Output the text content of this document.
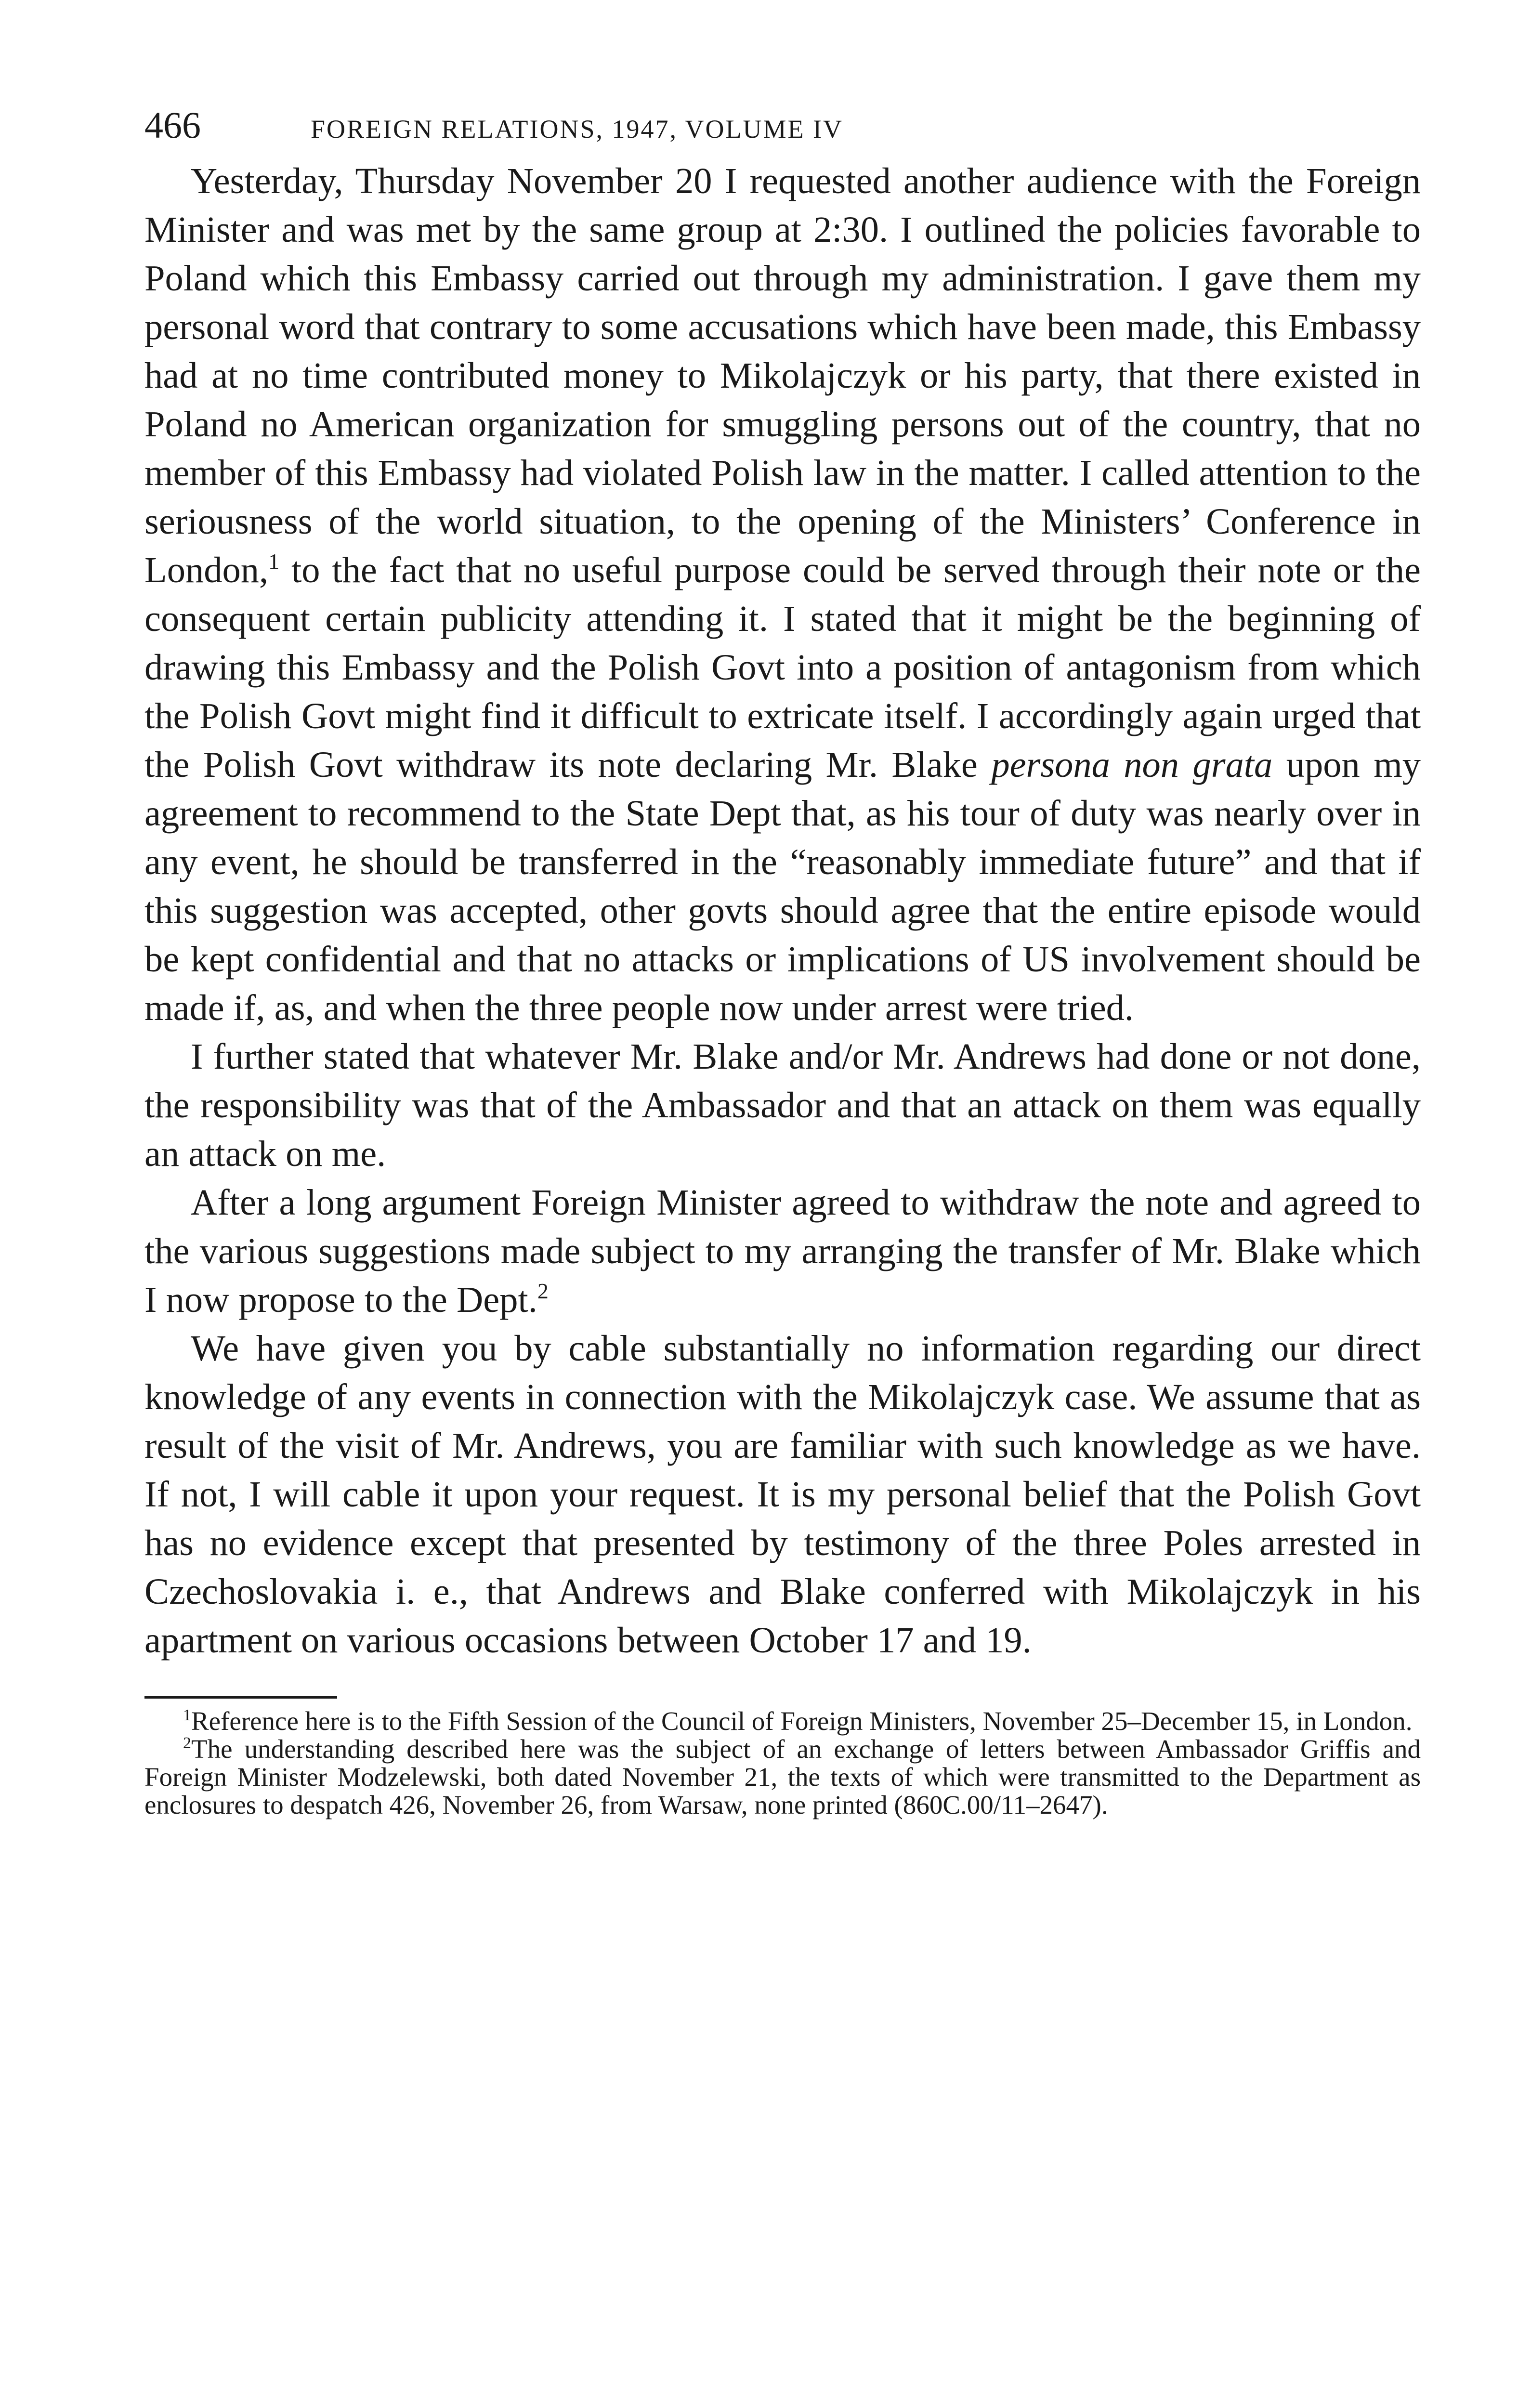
466	FOREIGN RELATIONS, 1947, VOLUME IV

Yesterday, Thursday November 20 I requested another audience with the Foreign Minister and was met by the same group at 2:30. I outlined the policies favorable to Poland which this Embassy carried out through my administration. I gave them my personal word that contrary to some accusations which have been made, this Embassy had at no time contributed money to Mikolajczyk or his party, that there existed in Poland no American organization for smuggling persons out of the country, that no member of this Embassy had violated Polish law in the matter. I called attention to the seriousness of the world situation, to the opening of the Ministers’ Conference in London,$^1$ to the fact that no useful purpose could be served through their note or the consequent certain publicity attending it. I stated that it might be the beginning of drawing this Embassy and the Polish Govt into a position of antagonism from which the Polish Govt might find it difficult to extricate itself. I accordingly again urged that the Polish Govt withdraw its note declaring Mr. Blake persona non grata upon my agreement to recommend to the State Dept that, as his tour of duty was nearly over in any event, he should be transferred in the “reasonably immediate future” and that if this suggestion was accepted, other govts should agree that the entire episode would be kept confidential and that no attacks or implications of US involvement should be made if, as, and when the three people now under arrest were tried.

I further stated that whatever Mr. Blake and/or Mr. Andrews had done or not done, the responsibility was that of the Ambassador and that an attack on them was equally an attack on me.

After a long argument Foreign Minister agreed to withdraw the note and agreed to the various suggestions made subject to my arranging the transfer of Mr. Blake which I now propose to the Dept.$^2$

We have given you by cable substantially no information regarding our direct knowledge of any events in connection with the Mikolajczyk case. We assume that as result of the visit of Mr. Andrews, you are familiar with such knowledge as we have. If not, I will cable it upon your request. It is my personal belief that the Polish Govt has no evidence except that presented by testimony of the three Poles arrested in Czechoslovakia i. e., that Andrews and Blake conferred with Mikolajczyk in his apartment on various occasions between October 17 and 19.

$^1$Reference here is to the Fifth Session of the Council of Foreign Ministers, November 25–December 15, in London.

$^2$The understanding described here was the subject of an exchange of letters between Ambassador Griffis and Foreign Minister Modzelewski, both dated November 21, the texts of which were transmitted to the Department as enclosures to despatch 426, November 26, from Warsaw, none printed (860C.00/11–2647).
